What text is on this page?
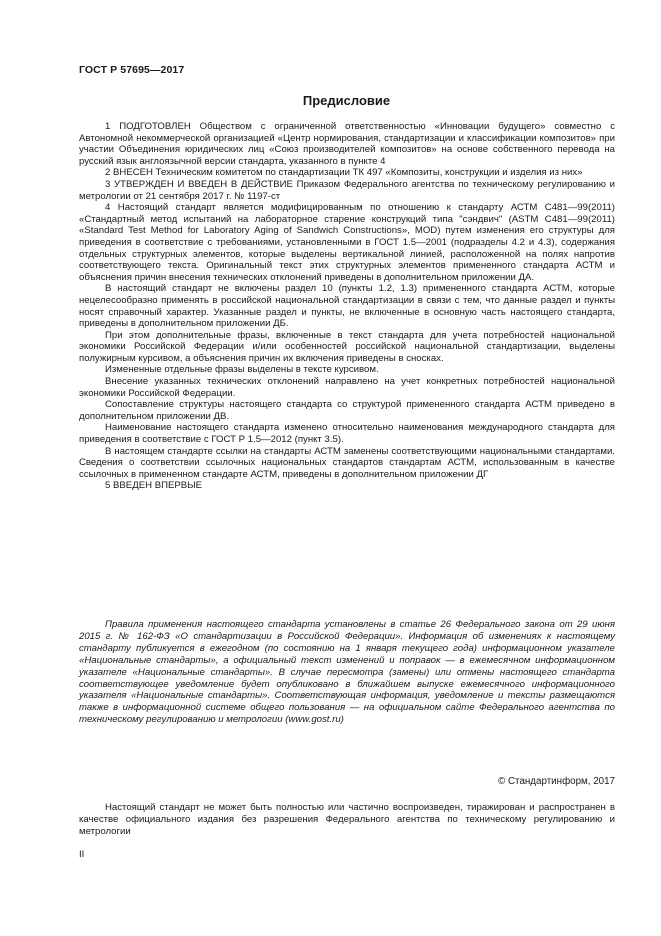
ГОСТ Р 57695—2017
Предисловие

1 ПОДГОТОВЛЕН Обществом с ограниченной ответственностью «Инновации будущего» совместно с Автономной некоммерческой организацией «Центр нормирования, стандартизации и классификации композитов» при участии Объединения юридических лиц «Союз производителей композитов» на основе собственного перевода на русский язык англоязычной версии стандарта, указанного в пункте 4

2 ВНЕСЕН Техническим комитетом по стандартизации ТК 497 «Композиты, конструкции и изделия из них»

3 УТВЕРЖДЕН И ВВЕДЕН В ДЕЙСТВИЕ Приказом Федерального агентства по техническому регулированию и метрологии от 21 сентября 2017 г. № 1197-ст

4 Настоящий стандарт является модифицированным по отношению к стандарту АСТМ С481—99(2011) «Стандартный метод испытаний на лабораторное старение конструкций типа "сэндвич" (ASTM C481—99(2011) «Standard Test Method for Laboratory Aging of Sandwich Constructions», MOD) путем изменения его структуры для приведения в соответствие с требованиями, установленными в ГОСТ 1.5—2001 (подразделы 4.2 и 4.3), содержания отдельных структурных элементов, которые выделены вертикальной линией, расположенной на полях напротив соответствующего текста. Оригинальный текст этих структурных элементов примененного стандарта АСТМ и объяснения причин внесения технических отклонений приведены в дополнительном приложении ДА.

В настоящий стандарт не включены раздел 10 (пункты 1.2, 1.3) примененного стандарта АСТМ, которые нецелесообразно применять в российской национальной стандартизации в связи с тем, что данные раздел и пункты носят справочный характер. Указанные раздел и пункты, не включенные в основную часть настоящего стандарта, приведены в дополнительном приложении ДБ.

При этом дополнительные фразы, включенные в текст стандарта для учета потребностей национальной экономики Российской Федерации и/или особенностей российской национальной стандартизации, выделены полужирным курсивом, а объяснения причин их включения приведены в сносках.

Измененные отдельные фразы выделены в тексте курсивом.

Внесение указанных технических отклонений направлено на учет конкретных потребностей национальной экономики Российской Федерации.

Сопоставление структуры настоящего стандарта со структурой примененного стандарта АСТМ приведено в дополнительном приложении ДВ.

Наименование настоящего стандарта изменено относительно наименования международного стандарта для приведения в соответствие с ГОСТ Р 1.5—2012 (пункт 3.5).

В настоящем стандарте ссылки на стандарты АСТМ заменены соответствующими национальными стандартами. Сведения о соответствии ссылочных национальных стандартов стандартам АСТМ, использованным в качестве ссылочных в примененном стандарте АСТМ, приведены в дополнительном приложении ДГ

5 ВВЕДЕН ВПЕРВЫЕ

Правила применения настоящего стандарта установлены в статье 26 Федерального закона от 29 июня 2015 г. № 162-ФЗ «О стандартизации в Российской Федерации». Информация об изменениях к настоящему стандарту публикуется в ежегодном (по состоянию на 1 января текущего года) информационном указателе «Национальные стандарты», а официальный текст изменений и поправок — в ежемесячном информационном указателе «Национальные стандарты». В случае пересмотра (замены) или отмены настоящего стандарта соответствующее уведомление будет опубликовано в ближайшем выпуске ежемесячного информационного указателя «Национальные стандарты». Соответствующая информация, уведомление и тексты размещаются также в информационной системе общего пользования — на официальном сайте Федерального агентства по техническому регулированию и метрологии (www.gost.ru)

© Стандартинформ, 2017

Настоящий стандарт не может быть полностью или частично воспроизведен, тиражирован и распространен в качестве официального издания без разрешения Федерального агентства по техническому регулированию и метрологии

II
